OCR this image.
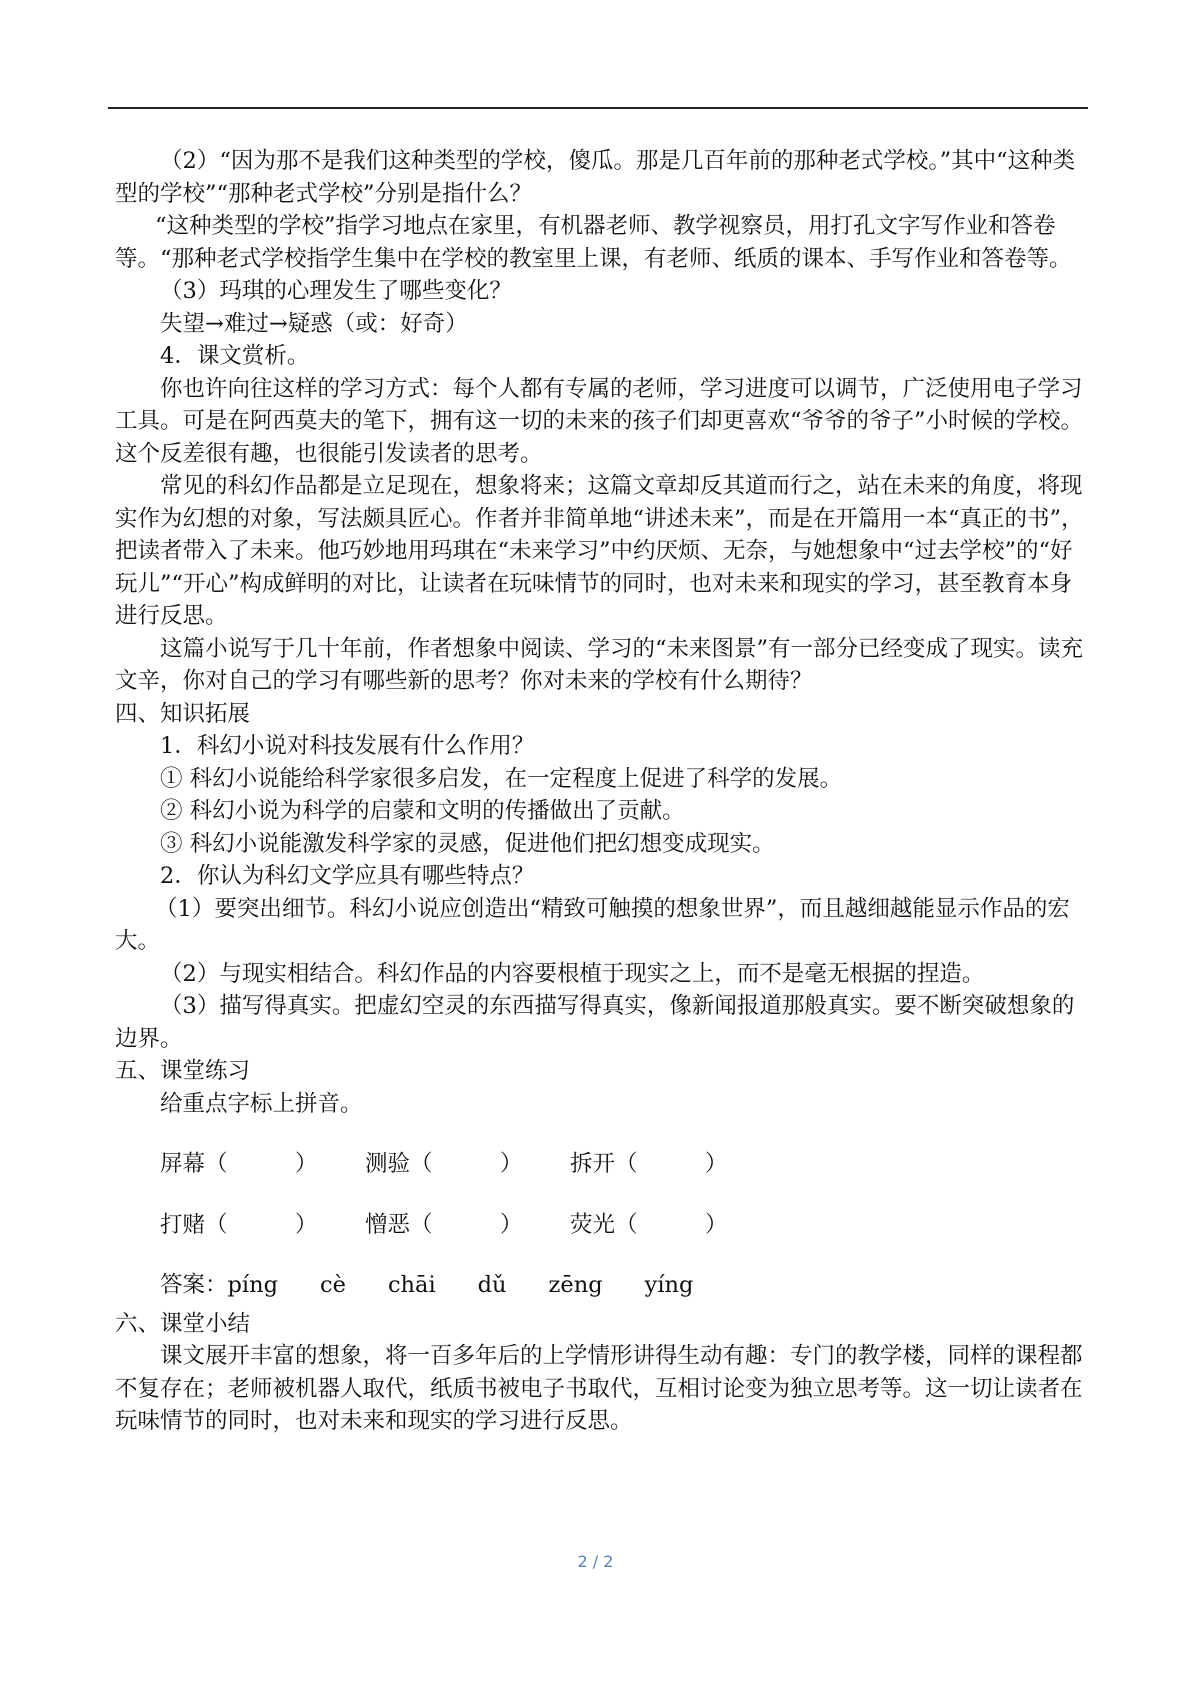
（2）“因为那不是我们这种类型的学校，傻瓜。那是几百年前的那种老式学校。”其中“这种类型的学校”“那种老式学校”分别是指什么？

“这种类型的学校”指学习地点在家里，有机器老师、教学视察员，用打孔文字写作业和答卷等。“那种老式学校指学生集中在学校的教室里上课，有老师、纸质的课本、手写作业和答卷等。

（3）玛琪的心理发生了哪些变化？

失望→难过→疑惑（或：好奇）

4．课文赏析。

你也许向往这样的学习方式：每个人都有专属的老师，学习进度可以调节，广泛使用电子学习工具。可是在阿西莫夫的笔下，拥有这一切的未来的孩子们却更喜欢“爷爷的爷子”小时候的学校。这个反差很有趣，也很能引发读者的思考。

常见的科幻作品都是立足现在，想象将来；这篇文章却反其道而行之，站在未来的角度，将现实作为幻想的对象，写法颇具匠心。作者并非简单地“讲述未来”，而是在开篇用一本“真正的书”，把读者带入了未来。他巧妙地用玛琪在“未来学习”中约厌烦、无奈，与她想象中“过去学校”的“好玩儿”“开心”构成鲜明的对比，让读者在玩味情节的同时，也对未来和现实的学习，甚至教育本身进行反思。

这篇小说写于几十年前，作者想象中阅读、学习的“未来图景”有一部分已经变成了现实。读充文辛，你对自己的学习有哪些新的思考？你对未来的学校有什么期待？

四、知识拓展

1．科幻小说对科技发展有什么作用？

① 科幻小说能给科学家很多启发，在一定程度上促进了科学的发展。

② 科幻小说为科学的启蒙和文明的传播做出了贡献。

③ 科幻小说能激发科学家的灵感，促进他们把幻想变成现实。

2．你认为科幻文学应具有哪些特点？

（1）要突出细节。科幻小说应创造出“精致可触摸的想象世界”，而且越细越能显示作品的宏大。

（2）与现实相结合。科幻作品的内容要根植于现实之上，而不是毫无根据的捏造。

（3）描写得真实。把虚幻空灵的东西描写得真实，像新闻报道那般真实。要不断突破想象的边界。

五、课堂练习

给重点字标上拼音。

屏幕（　　　）	测验（　　　）	拆开（　　　）
打赌（　　　）	憎恶（　　　）	荧光（　　　）
答案： píng cè chāi dǔ zēng yíng

六、课堂小结

课文展开丰富的想象，将一百多年后的上学情形讲得生动有趣：专门的教学楼，同样的课程都不复存在；老师被机器人取代，纸质书被电子书取代，互相讨论变为独立思考等。这一切让读者在玩味情节的同时，也对未来和现实的学习进行反思。

2 / 2
